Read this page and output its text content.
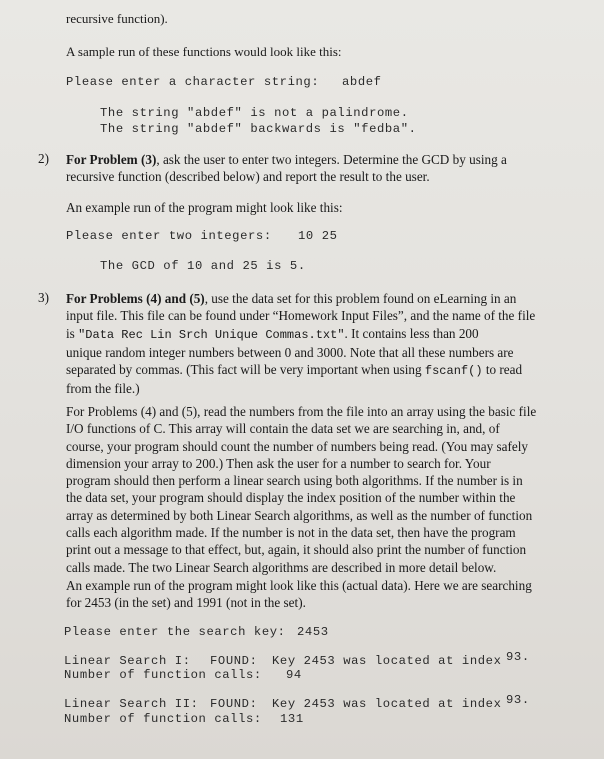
recursive function).
A sample run of these functions would look like this:
Please enter a character string: abdef
The string "abdef" is not a palindrome.
The string "abdef" backwards is "fedba".
2) For Problem (3), ask the user to enter two integers. Determine the GCD by using a
recursive function (described below) and report the result to the user.
An example run of the program might look like this:
Please enter two integers: 10 25
The GCD of 10 and 25 is 5.
3) For Problems (4) and (5), use the data set for this problem found on eLearning in an
input file. This file can be found under “Homework Input Files”, and the name of the file
is "Data Rec Lin Srch Unique Commas.txt". It contains less than 200
unique random integer numbers between 0 and 3000. Note that all these numbers are
separated by commas. (This fact will be very important when using fscanf() to read
from the file.)
For Problems (4) and (5), read the numbers from the file into an array using the basic file
I/O functions of C. This array will contain the data set we are searching in, and, of
course, your program should count the number of numbers being read. (You may safely
dimension your array to 200.) Then ask the user for a number to search for. Your
program should then perform a linear search using both algorithms. If the number is in
the data set, your program should display the index position of the number within the
array as determined by both Linear Search algorithms, as well as the number of function
calls each algorithm made. If the number is not in the data set, then have the program
print out a message to that effect, but, again, it should also print the number of function
calls made. The two Linear Search algorithms are described in more detail below.
An example run of the program might look like this (actual data). Here we are searching
for 2453 (in the set) and 1991 (not in the set).
Please enter the search key: 2453
Linear Search I: FOUND: Key 2453 was located at index 93.
Number of function calls: 94
Linear Search II: FOUND: Key 2453 was located at index 93.
Number of function calls: 131
